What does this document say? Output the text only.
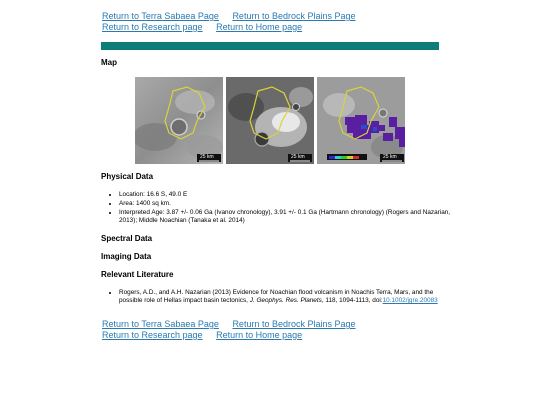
Return to Terra Sabaea Page Return to Bedrock Plains Page
Return to Research page Return to Home page
Map
25 km	25 km	25 km
Physical Data
• Location: 16.6 S, 49.0 E
• Area: 1400 sq km.
• Interpreted Age: 3.87 +/- 0.06 Ga (Ivanov chronology), 3.91 +/- 0.1 Ga (Hartmann chronology) (Rogers and Nazarian, 2013); Middle Noachian (Tanaka et al. 2014)
Spectral Data
Imaging Data
Relevant Literature
• Rogers, A.D., and A.H. Nazarian (2013) Evidence for Noachian flood volcanism in Noachis Terra, Mars, and the possible role of Hellas impact basin tectonics, J. Geophys. Res. Planets, 118, 1094-1113, doi:10.1002/jgre.20083
Return to Terra Sabaea Page Return to Bedrock Plains Page
Return to Research page Return to Home page
